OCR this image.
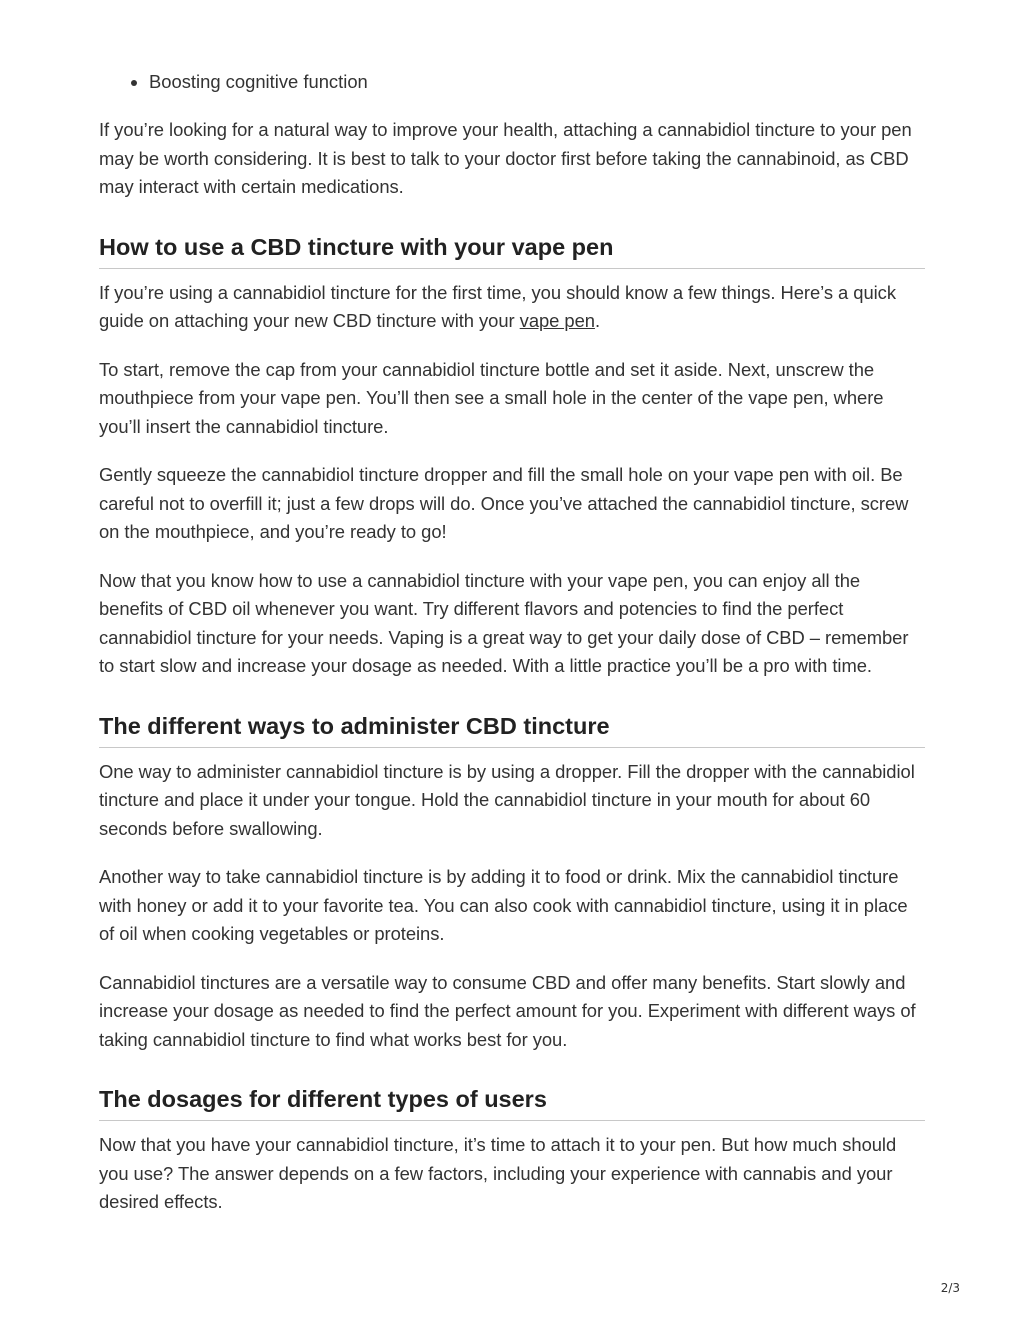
• Boosting cognitive function

If you’re looking for a natural way to improve your health, attaching a cannabidiol tincture to your pen may be worth considering. It is best to talk to your doctor first before taking the cannabinoid, as CBD may interact with certain medications.

How to use a CBD tincture with your vape pen

If you’re using a cannabidiol tincture for the first time, you should know a few things. Here’s a quick guide on attaching your new CBD tincture with your vape pen.

To start, remove the cap from your cannabidiol tincture bottle and set it aside. Next, unscrew the mouthpiece from your vape pen. You’ll then see a small hole in the center of the vape pen, where you’ll insert the cannabidiol tincture.

Gently squeeze the cannabidiol tincture dropper and fill the small hole on your vape pen with oil. Be careful not to overfill it; just a few drops will do. Once you’ve attached the cannabidiol tincture, screw on the mouthpiece, and you’re ready to go!

Now that you know how to use a cannabidiol tincture with your vape pen, you can enjoy all the benefits of CBD oil whenever you want. Try different flavors and potencies to find the perfect cannabidiol tincture for your needs. Vaping is a great way to get your daily dose of CBD – remember to start slow and increase your dosage as needed. With a little practice you’ll be a pro with time.

The different ways to administer CBD tincture

One way to administer cannabidiol tincture is by using a dropper. Fill the dropper with the cannabidiol tincture and place it under your tongue. Hold the cannabidiol tincture in your mouth for about 60 seconds before swallowing.

Another way to take cannabidiol tincture is by adding it to food or drink. Mix the cannabidiol tincture with honey or add it to your favorite tea. You can also cook with cannabidiol tincture, using it in place of oil when cooking vegetables or proteins.

Cannabidiol tinctures are a versatile way to consume CBD and offer many benefits. Start slowly and increase your dosage as needed to find the perfect amount for you. Experiment with different ways of taking cannabidiol tincture to find what works best for you.

The dosages for different types of users

Now that you have your cannabidiol tincture, it’s time to attach it to your pen. But how much should you use? The answer depends on a few factors, including your experience with cannabis and your desired effects.

2/3
